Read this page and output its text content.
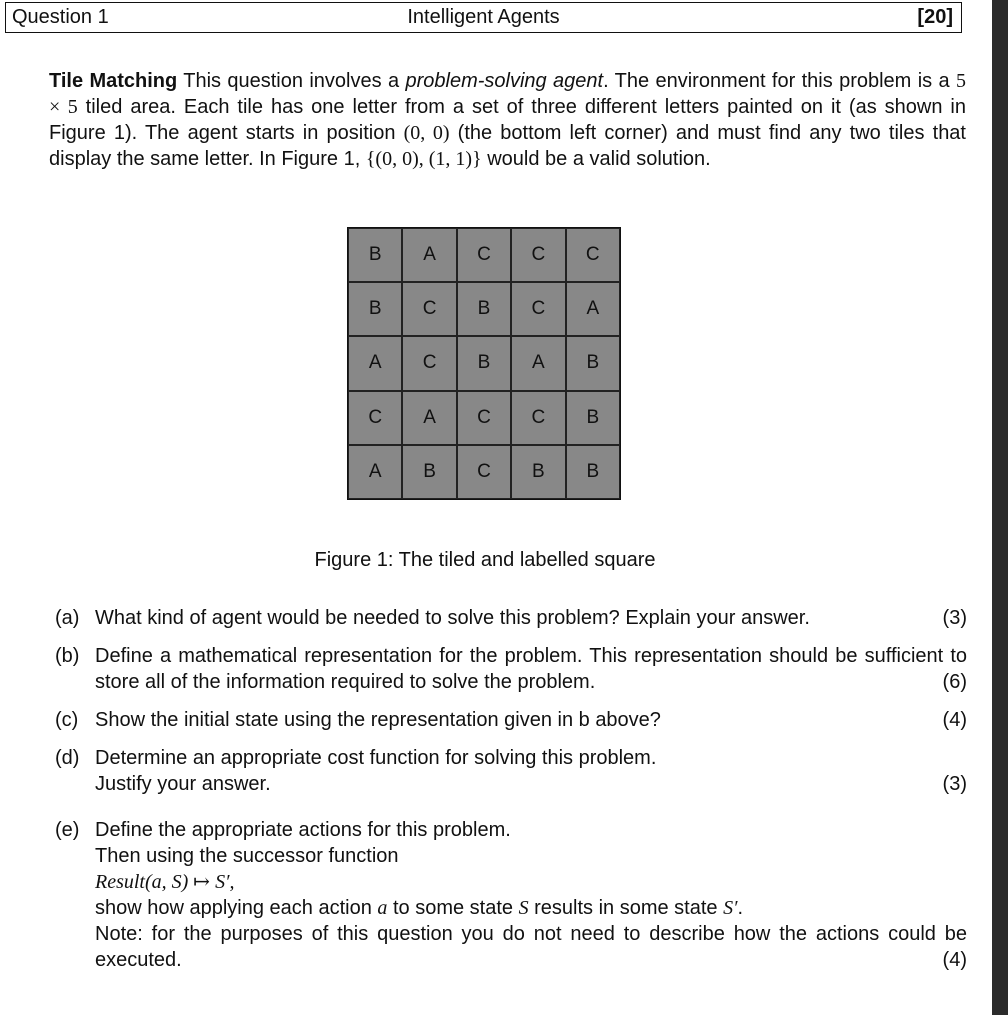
Question 1	Intelligent Agents	[20]

Tile Matching This question involves a problem-solving agent. The environment for this problem is a 5 × 5 tiled area. Each tile has one letter from a set of three different letters painted on it (as shown in Figure 1). The agent starts in position (0, 0) (the bottom left corner) and must find any two tiles that display the same letter. In Figure 1, {(0, 0), (1, 1)} would be a valid solution.

B	A	C	C	C
B	C	B	C	A
A	C	B	A	B
C	A	C	C	B
A	B	C	B	B
Figure 1: The tiled and labelled square
(a) What kind of agent would be needed to solve this problem? Explain your answer.	(3)
(b) Define a mathematical representation for the problem. This representation should be sufficient to store all of the information required to solve the problem.	(6)
(c) Show the initial state using the representation given in b above?	(4)
(d) Determine an appropriate cost function for solving this problem.
Justify your answer.	(3)
(e) Define the appropriate actions for this problem.
Then using the successor function
Result(a, S) ↦ S′,
show how applying each action a to some state S results in some state S′.
Note: for the purposes of this question you do not need to describe how the actions could be executed.	(4)
